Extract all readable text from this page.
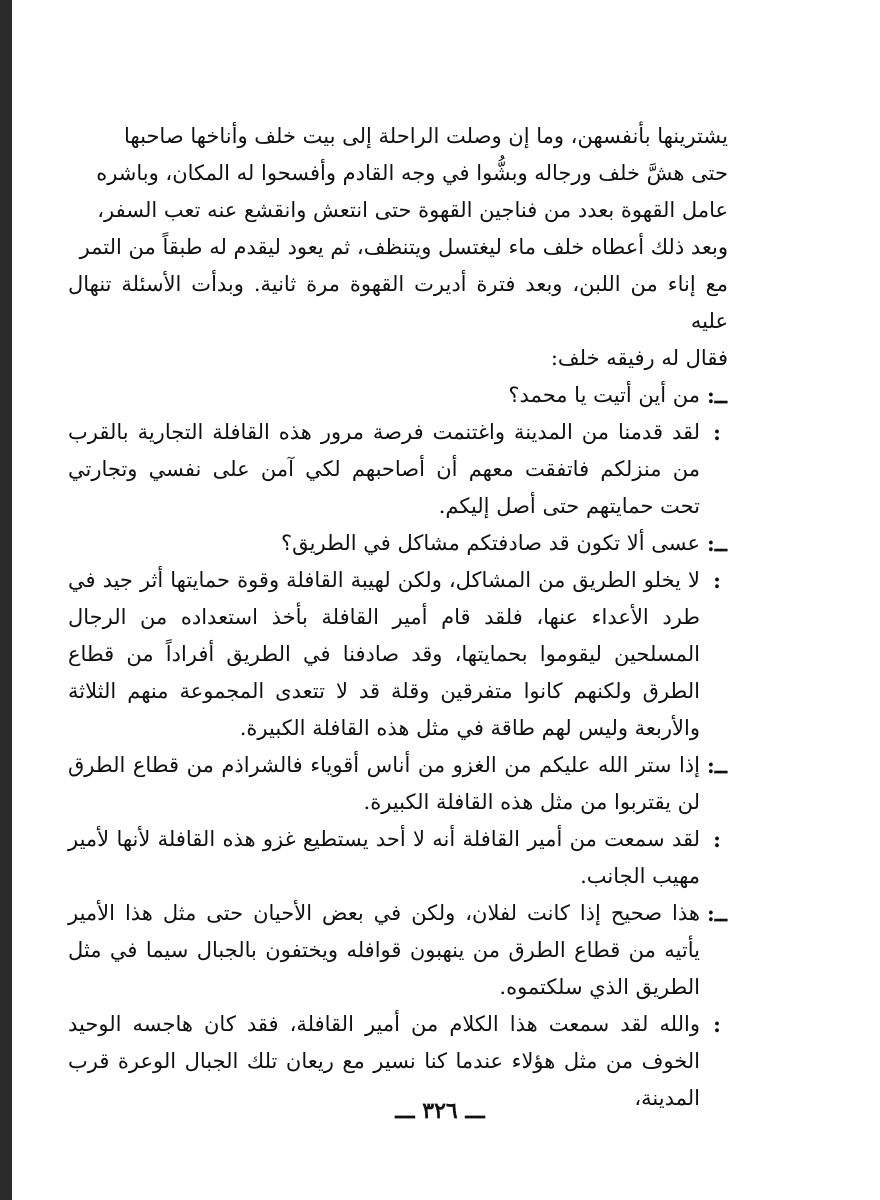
يشترينها بأنفسهن، وما إن وصلت الراحلة إلى بيت خلف وأناخها صاحبها

حتى هشَّ خلف ورجاله وبشُّوا في وجه القادم وأفسحوا له المكان، وباشره

عامل القهوة بعدد من فناجين القهوة حتى انتعش وانقشع عنه تعب السفر،

وبعد ذلك أعطاه خلف ماء ليغتسل ويتنظف، ثم يعود ليقدم له طبقاً من التمر

مع إناء من اللبن، وبعد فترة أديرت القهوة مرة ثانية. وبدأت الأسئلة تنهال عليه

فقال له رفيقه خلف:

ــ:
من أين أتيت يا محمد؟
:
لقد قدمنا من المدينة واغتنمت فرصة مرور هذه القافلة التجارية بالقرب من منزلكم فاتفقت معهم أن أصاحبهم لكي آمن على نفسي وتجارتي تحت حمايتهم حتى أصل إليكم.
ــ:
عسى ألا تكون قد صادفتكم مشاكل في الطريق؟
:
لا يخلو الطريق من المشاكل، ولكن لهيبة القافلة وقوة حمايتها أثر جيد في طرد الأعداء عنها، فلقد قام أمير القافلة بأخذ استعداده من الرجال المسلحين ليقوموا بحمايتها، وقد صادفنا في الطريق أفراداً من قطاع الطرق ولكنهم كانوا متفرقين وقلة قد لا تتعدى المجموعة منهم الثلاثة والأربعة وليس لهم طاقة في مثل هذه القافلة الكبيرة.
ــ:
إذا ستر الله عليكم من الغزو من أناس أقوياء فالشراذم من قطاع الطرق لن يقتربوا من مثل هذه القافلة الكبيرة.
:
لقد سمعت من أمير القافلة أنه لا أحد يستطيع غزو هذه القافلة لأنها لأمير مهيب الجانب.
ــ:
هذا صحيح إذا كانت لفلان، ولكن في بعض الأحيان حتى مثل هذا الأمير يأتيه من قطاع الطرق من ينهبون قوافله ويختفون بالجبال سيما في مثل الطريق الذي سلكتموه.
:
والله لقد سمعت هذا الكلام من أمير القافلة، فقد كان هاجسه الوحيد الخوف من مثل هؤلاء عندما كنا نسير مع ريعان تلك الجبال الوعرة قرب المدينة،
ـــ ٣٢٦ ـــ
